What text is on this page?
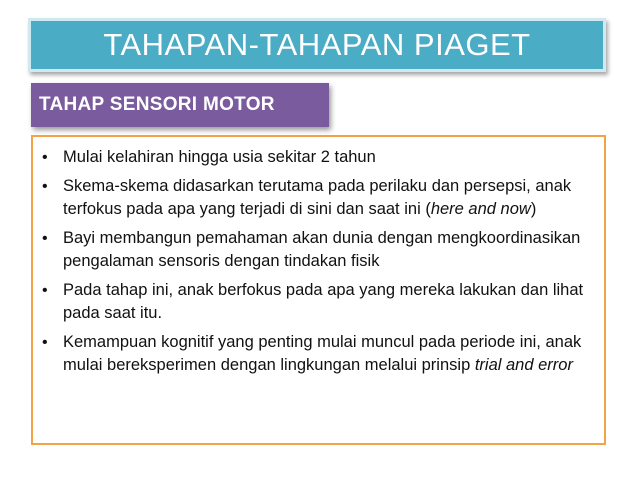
TAHAPAN-TAHAPAN PIAGET
TAHAP SENSORI MOTOR
• Mulai kelahiran hingga usia sekitar 2 tahun
• Skema-skema didasarkan terutama pada perilaku dan persepsi, anak terfokus pada apa yang terjadi di sini dan saat ini (here and now)
• Bayi membangun pemahaman akan dunia dengan mengkoordinasikan pengalaman sensoris dengan tindakan fisik
• Pada tahap ini, anak berfokus pada apa yang mereka lakukan dan lihat pada saat itu.
• Kemampuan kognitif yang penting mulai muncul pada periode ini, anak mulai bereksperimen dengan lingkungan melalui prinsip trial and error
